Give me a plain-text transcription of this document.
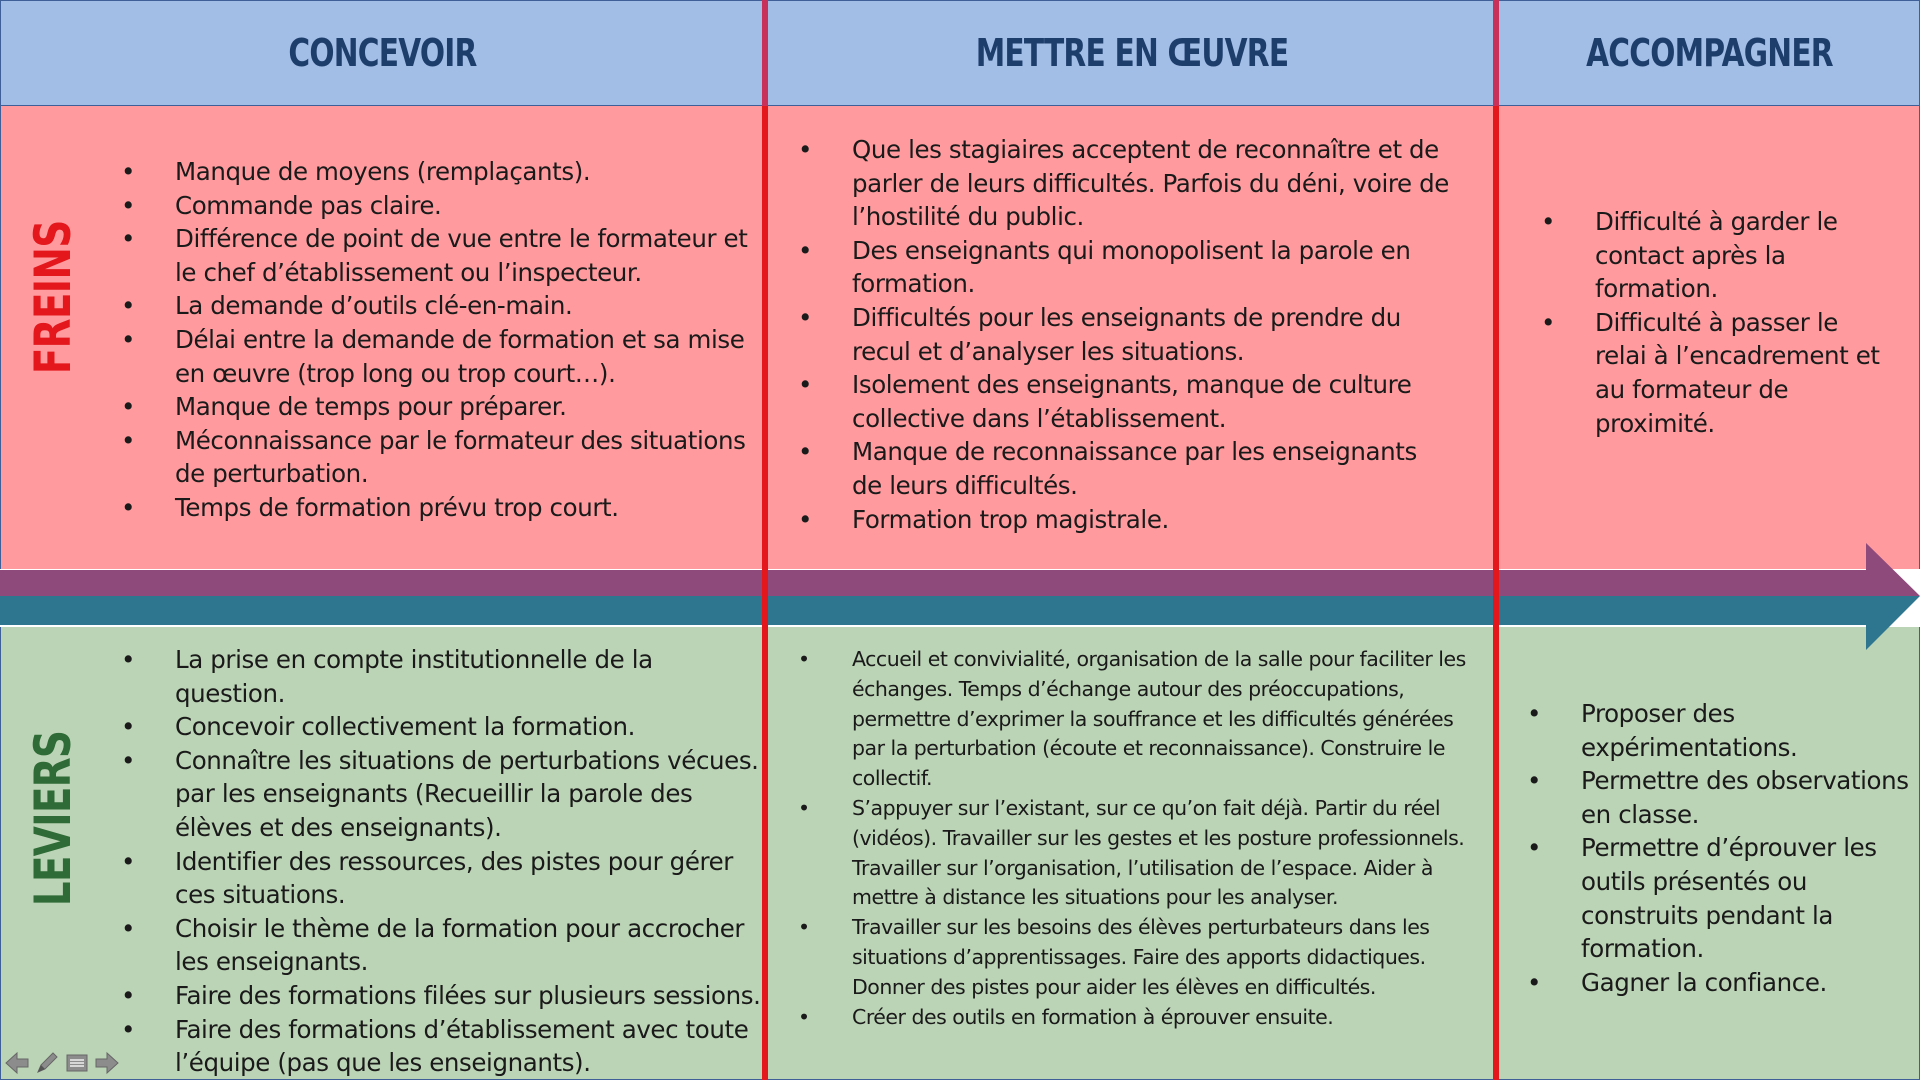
CONCEVOIR	METTRE EN ŒUVRE	ACCOMPAGNER
FREINS
LEVIERS
• Manque de moyens (remplaçants).
• Commande pas claire.
• Différence de point de vue entre le formateur et le chef d’établissement ou l’inspecteur.
• La demande d’outils clé-en-main.
• Délai entre la demande de formation et sa mise en œuvre (trop long ou trop court…).
• Manque de temps pour préparer.
• Méconnaissance par le formateur des situations de perturbation.
• Temps de formation prévu trop court.
• Que les stagiaires acceptent de reconnaître et de parler de leurs difficultés. Parfois du déni, voire de l’hostilité du public.
• Des enseignants qui monopolisent la parole en formation.
• Difficultés pour les enseignants de prendre du recul et d’analyser les situations.
• Isolement des enseignants, manque de culture collective dans l’établissement.
• Manque de reconnaissance par les enseignants de leurs difficultés.
• Formation trop magistrale.
• Difficulté à garder le contact après la formation.
• Difficulté à passer le relai à l’encadrement et au formateur de proximité.
• La prise en compte institutionnelle de la question.
• Concevoir collectivement la formation.
• Connaître les situations de perturbations vécues. par les enseignants (Recueillir la parole des élèves et des enseignants).
• Identifier des ressources, des pistes pour gérer ces situations.
• Choisir le thème de la formation pour accrocher les enseignants.
• Faire des formations filées sur plusieurs sessions.
• Faire des formations d’établissement avec toute l’équipe (pas que les enseignants).
• Accueil et convivialité, organisation de la salle pour faciliter les échanges. Temps d’échange autour des préoccupations, permettre d’exprimer la souffrance et les difficultés générées par la perturbation (écoute et reconnaissance). Construire le collectif.
• S’appuyer sur l’existant, sur ce qu’on fait déjà. Partir du réel (vidéos). Travailler sur les gestes et les posture professionnels. Travailler sur l’organisation, l’utilisation de l’espace. Aider à mettre à distance les situations pour les analyser.
• Travailler sur les besoins des élèves perturbateurs dans les situations d’apprentissages. Faire des apports didactiques. Donner des pistes pour aider les élèves en difficultés.
• Créer des outils en formation à éprouver ensuite.
• Proposer des expérimentations.
• Permettre des observations en classe.
• Permettre d’éprouver les outils présentés ou construits pendant la formation.
• Gagner la confiance.
